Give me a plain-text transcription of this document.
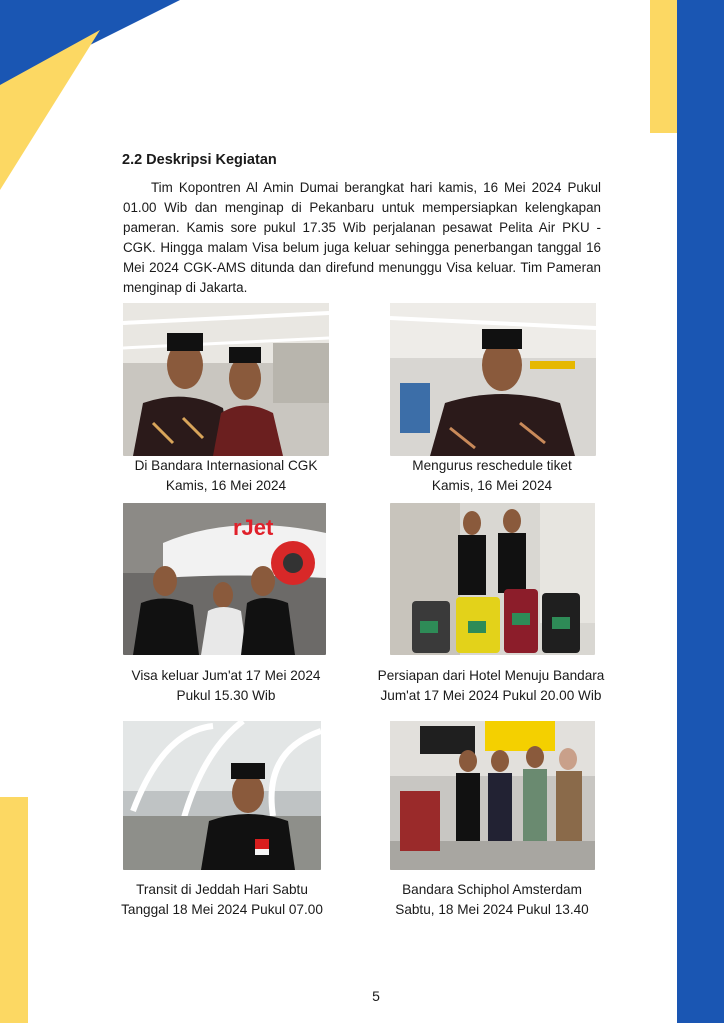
2.2 Deskripsi Kegiatan

Tim Kopontren Al Amin Dumai berangkat hari kamis, 16 Mei 2024 Pukul 01.00 Wib dan menginap di Pekanbaru untuk mempersiapkan kelengkapan pameran. Kamis sore pukul 17.35 Wib perjalanan pesawat Pelita Air PKU - CGK. Hingga malam Visa belum juga keluar sehingga penerbangan tanggal 16 Mei 2024 CGK-AMS ditunda dan direfund menunggu Visa keluar. Tim Pameran menginap di Jakarta.

Di Bandara Internasional CGK
Kamis, 16 Mei 2024
Mengurus reschedule tiket
Kamis, 16 Mei 2024
rJet
Visa keluar Jum'at 17 Mei 2024
Pukul 15.30 Wib
Persiapan dari Hotel Menuju Bandara
Jum'at 17 Mei 2024 Pukul 20.00 Wib
Transit di Jeddah Hari Sabtu
Tanggal 18 Mei 2024 Pukul 07.00
Bandara Schiphol Amsterdam
Sabtu, 18 Mei 2024 Pukul 13.40
5
